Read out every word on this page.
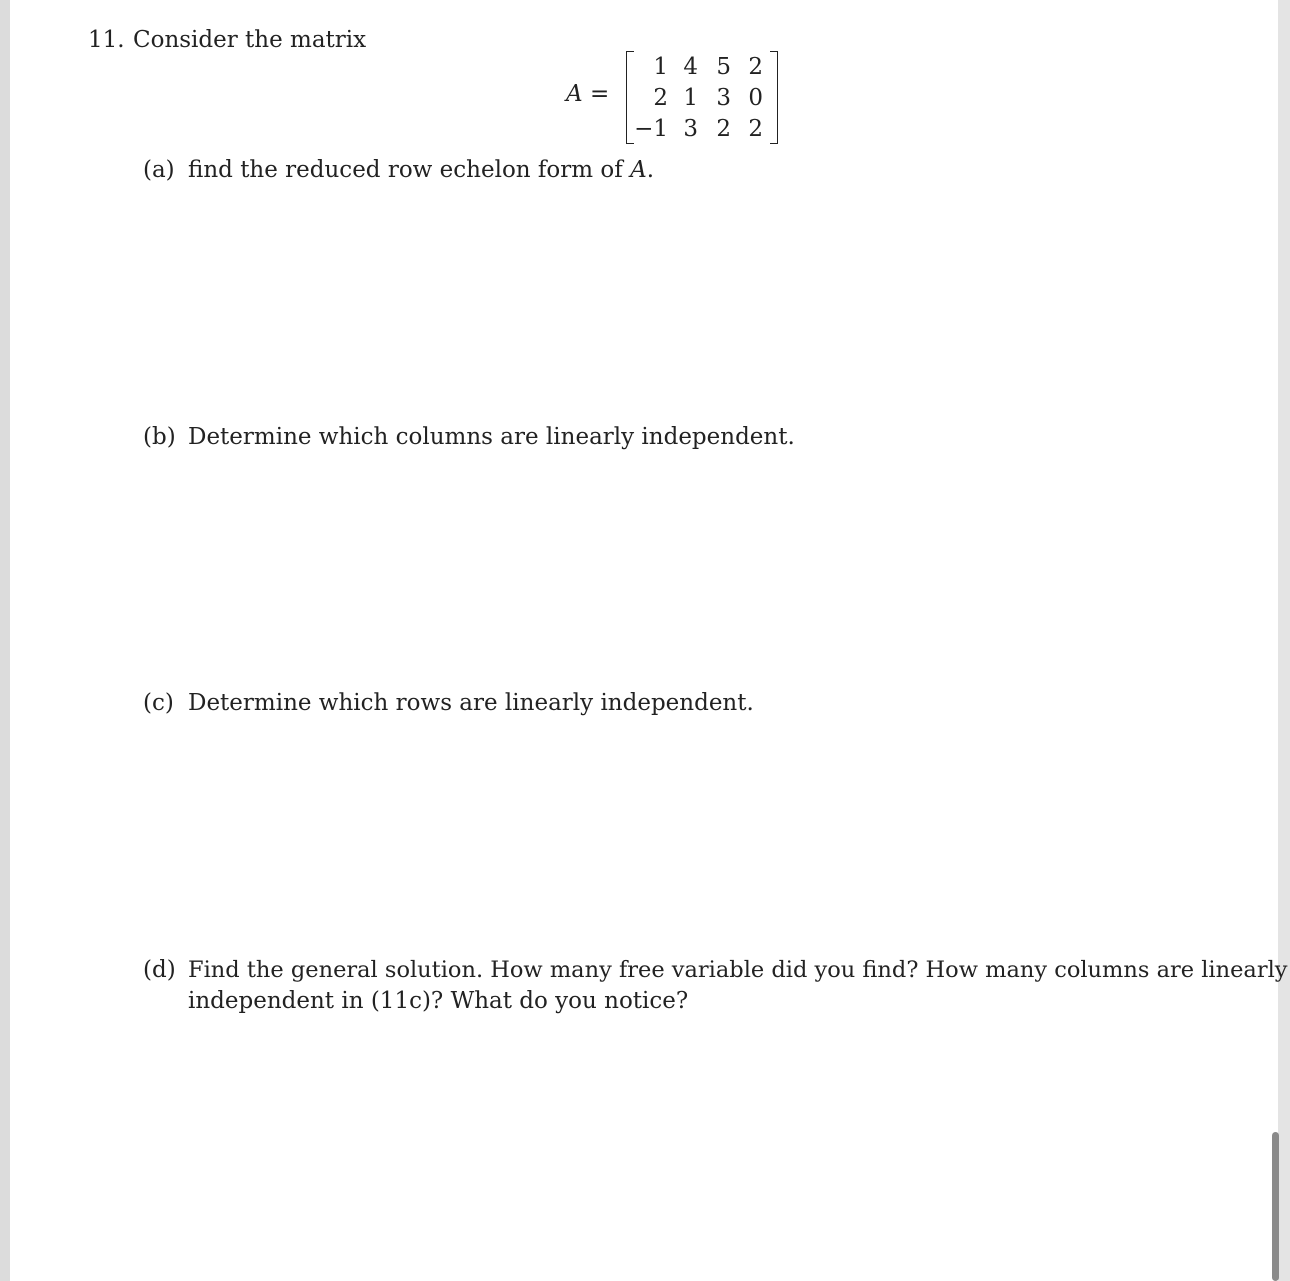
11. Consider the matrix
A =
1 4 5 2
2 1 3 0
−1 3 2 2
(a) find the reduced row echelon form of A.
(b) Determine which columns are linearly independent.
(c) Determine which rows are linearly independent.
(d) Find the general solution. How many free variable did you find? How many columns are linearly
independent in (11c)? What do you notice?
